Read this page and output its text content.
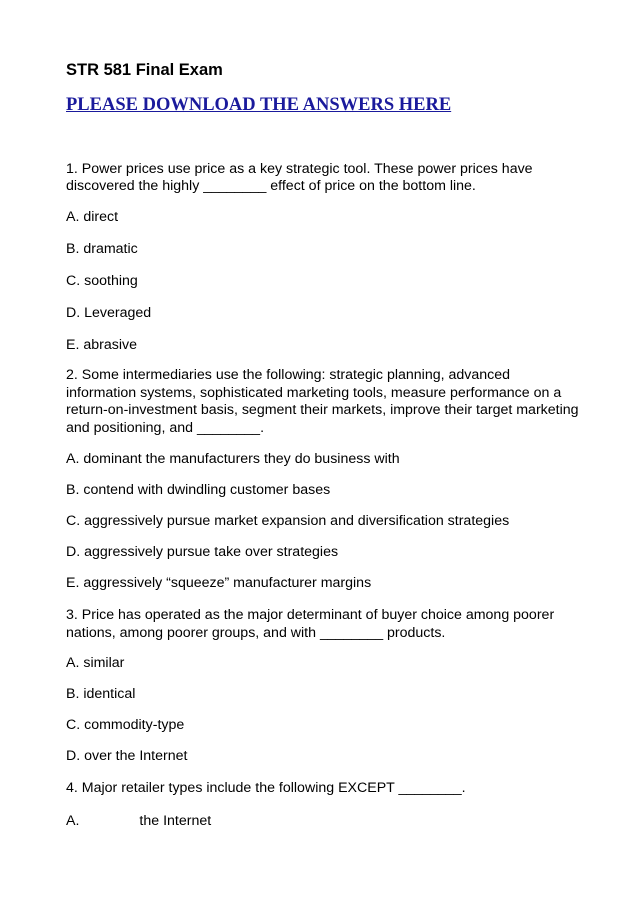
STR 581 Final Exam
PLEASE DOWNLOAD THE ANSWERS HERE
1. Power prices use price as a key strategic tool. These power prices have
discovered the highly ________ effect of price on the bottom line.
A. direct
B. dramatic
C. soothing
D. Leveraged
E. abrasive
2. Some intermediaries use the following: strategic planning, advanced
information systems, sophisticated marketing tools, measure performance on a
return-on-investment basis, segment their markets, improve their target marketing
and positioning, and ________.
A. dominant the manufacturers they do business with
B. contend with dwindling customer bases
C. aggressively pursue market expansion and diversification strategies
D. aggressively pursue take over strategies
E. aggressively “squeeze” manufacturer margins
3. Price has operated as the major determinant of buyer choice among poorer
nations, among poorer groups, and with ________ products.
A. similar
B. identical
C. commodity-type
D. over the Internet
4. Major retailer types include the following EXCEPT ________.
A.	the Internet
